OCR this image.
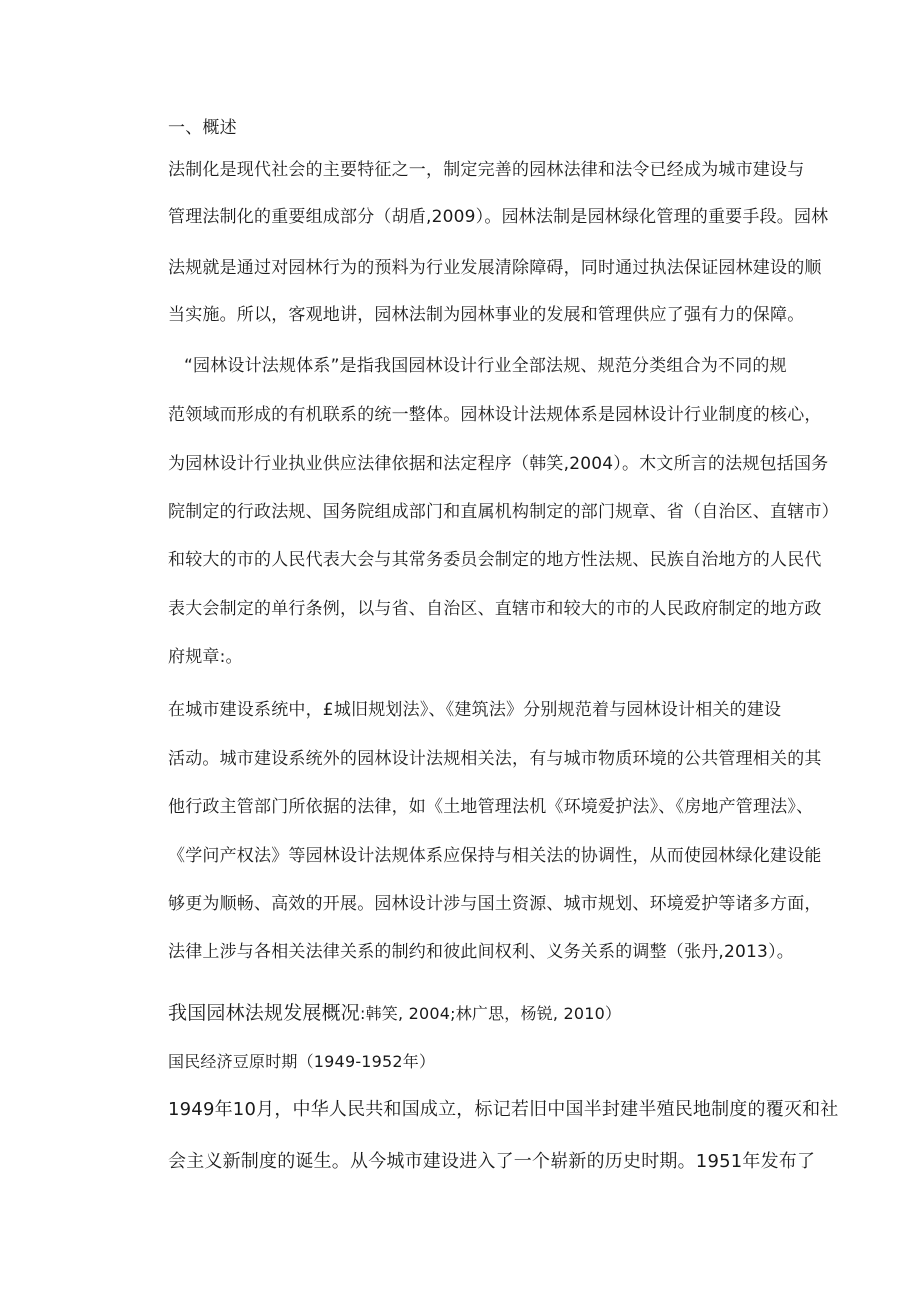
一、概述
法制化是现代社会的主要特征之一，制定完善的园林法律和法令已经成为城市建设与
管理法制化的重要组成部分（胡盾,2009）。园林法制是园林绿化管理的重要手段。园林
法规就是通过对园林行为的预料为行业发展清除障碍，同时通过执法保证园林建设的顺
当实施。所以，客观地讲，园林法制为园林事业的发展和管理供应了强有力的保障。
“园林设计法规体系”是指我国园林设计行业全部法规、规范分类组合为不同的规
范领域而形成的有机联系的统一整体。园林设计法规体系是园林设计行业制度的核心，
为园林设计行业执业供应法律依据和法定程序（韩笑,2004）。木文所言的法规包括国务
院制定的行政法规、国务院组成部门和直属机构制定的部门规章、省（自治区、直辖市）
和较大的市的人民代表大会与其常务委员会制定的地方性法规、民族自治地方的人民代
表大会制定的单行条例，以与省、自治区、直辖市和较大的市的人民政府制定的地方政
府规章:。
在城市建设系统中，£城旧规划法》、《建筑法》分别规范着与园林设计相关的建设
活动。城市建设系统外的园林设计法规相关法，有与城市物质环境的公共管理相关的其
他行政主管部门所依据的法律，如《土地管理法机《环境爱护法》、《房地产管理法》、
《学问产权法》等园林设计法规体系应保持与相关法的协调性，从而使园林绿化建设能
够更为顺畅、高效的开展。园林设计涉与国土资源、城市规划、环境爱护等诸多方面，
法律上涉与各相关法律关系的制约和彼此间权利、义务关系的调整（张丹,2013）。
我国园林法规发展概况:韩笑, 2004;林广思，杨锐, 2010）
国民经济豆原时期（1949-1952年）
1949年10月，中华人民共和国成立，标记若旧中国半封建半殖民地制度的覆灭和社
会主义新制度的诞生。从今城市建设进入了一个崭新的历史时期。1951年发布了
